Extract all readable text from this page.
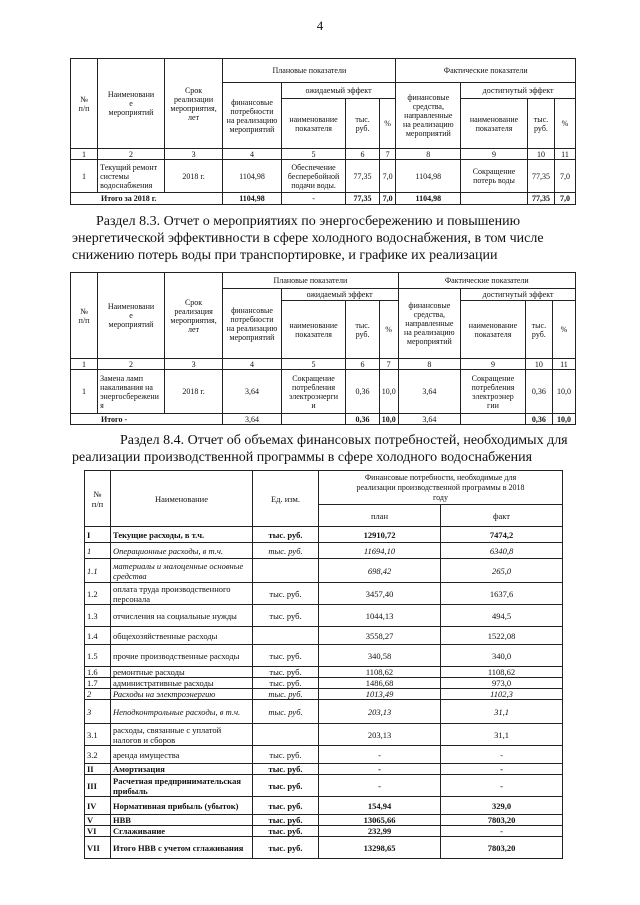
4
№
п/п	Наименовани
е
мероприятий	Срок
реализации
мероприятия,
лет	Плановые показатели				Фактические показатели			
			финансовые
потребности
на реализацию
мероприятий	ожидаемый эффект			финансовые
средства,
направленные
на реализацию
мероприятий	достигнутый эффект		
				наименование
показателя	тыс.
руб.	%		наименование
показателя	тыс.
руб.	%
1	2	3	4	5	6	7	8	9	10	11
1	Текущий ремонт
системы
водоснабжения	2018 г.	1104,98	Обеспечение
бесперебойной
подачи воды.	77,35	7,0	1104,98	Сокращение
потерь воды	77,35	7,0
Итого за 2018 г.			1104,98	-	77,35	7,0	1104,98		77,35	7,0
Раздел 8.3. Отчет о мероприятиях по энергосбережению и повышению
энергетической эффективности в сфере холодного водоснабжения, в том числе
снижению потерь воды при транспортировке, и графике их реализации
№
п/п	Наименовани
е
мероприятий	Срок
реализация
мероприятия,
лет	Плановые показатели				Фактические показатели			
			финансовые
потребности
на реализацию
мероприятий	ожидаемый эффект			финансовые
средства,
направленные
на реализацию
мероприятий	достигнутый эффект		
				наименование
показателя	тыс.
руб.	%		наименование
показателя	тыс.
руб.	%
1	2	3	4	5	6	7	8	9	10	11
1	Замена ламп
накаливания на
энергосбережени
я	2018 г.	3,64	Сокращение
потребления
электроэнерги
и	0,36	10,0	3,64	Сокращение
потребления
электроэнер
гии	0,36	10,0
Итого -			3,64		0,36	10,0	3,64		0,36	10,0
Раздел 8.4. Отчет об объемах финансовых потребностей, необходимых для
реализации производственной программы в сфере холодного водоснабжения
№
п/п	Наименование	Ед. изм.	Финансовые потребности, необходимые для
реализации производственной программы в 2018
году	
			план	факт
I	Текущие расходы, в т.ч.	тыс. руб.	12910,72	7474,2
1	Операционные расходы, в т.ч.	тыс. руб.	11694,10	6340,8
1.1	материалы и малоценные основные средства		698,42	265,0
1.2	оплата труда производственного персонала	тыс. руб.	3457,40	1637,6
1.3	отчисления на социальные нужды	тыс. руб.	1044,13	494,5
1.4	общехозяйственные расходы		3558,27	1522,08
1.5	прочие производственные расходы	тыс. руб.	340,58	340,0
1.6	ремонтные расходы	тыс. руб.	1108,62	1108,62
1.7	административные расходы	тыс. руб.	1486,68	973,0
2	Расходы на электроэнергию	тыс. руб.	1013,49	1102,3
3	Неподконтрольные расходы, в т.ч.	тыс. руб.	203,13	31,1
3.1	расходы, связанные с уплатой налогов и сборов		203,13	31,1
3.2	аренда имущества	тыс. руб.	-	-
II	Амортизация	тыс. руб.	-	-
III	Расчетная предпринимательская прибыль	тыс. руб.	-	-
IV	Нормативная прибыль (убыток)	тыс. руб.	154,94	329,0
V	НВВ	тыс. руб.	13065,66	7803,20
VI	Сглаживание	тыс. руб.	232,99	-
VII	Итого НВВ с учетом сглаживания	тыс. руб.	13298,65	7803,20
